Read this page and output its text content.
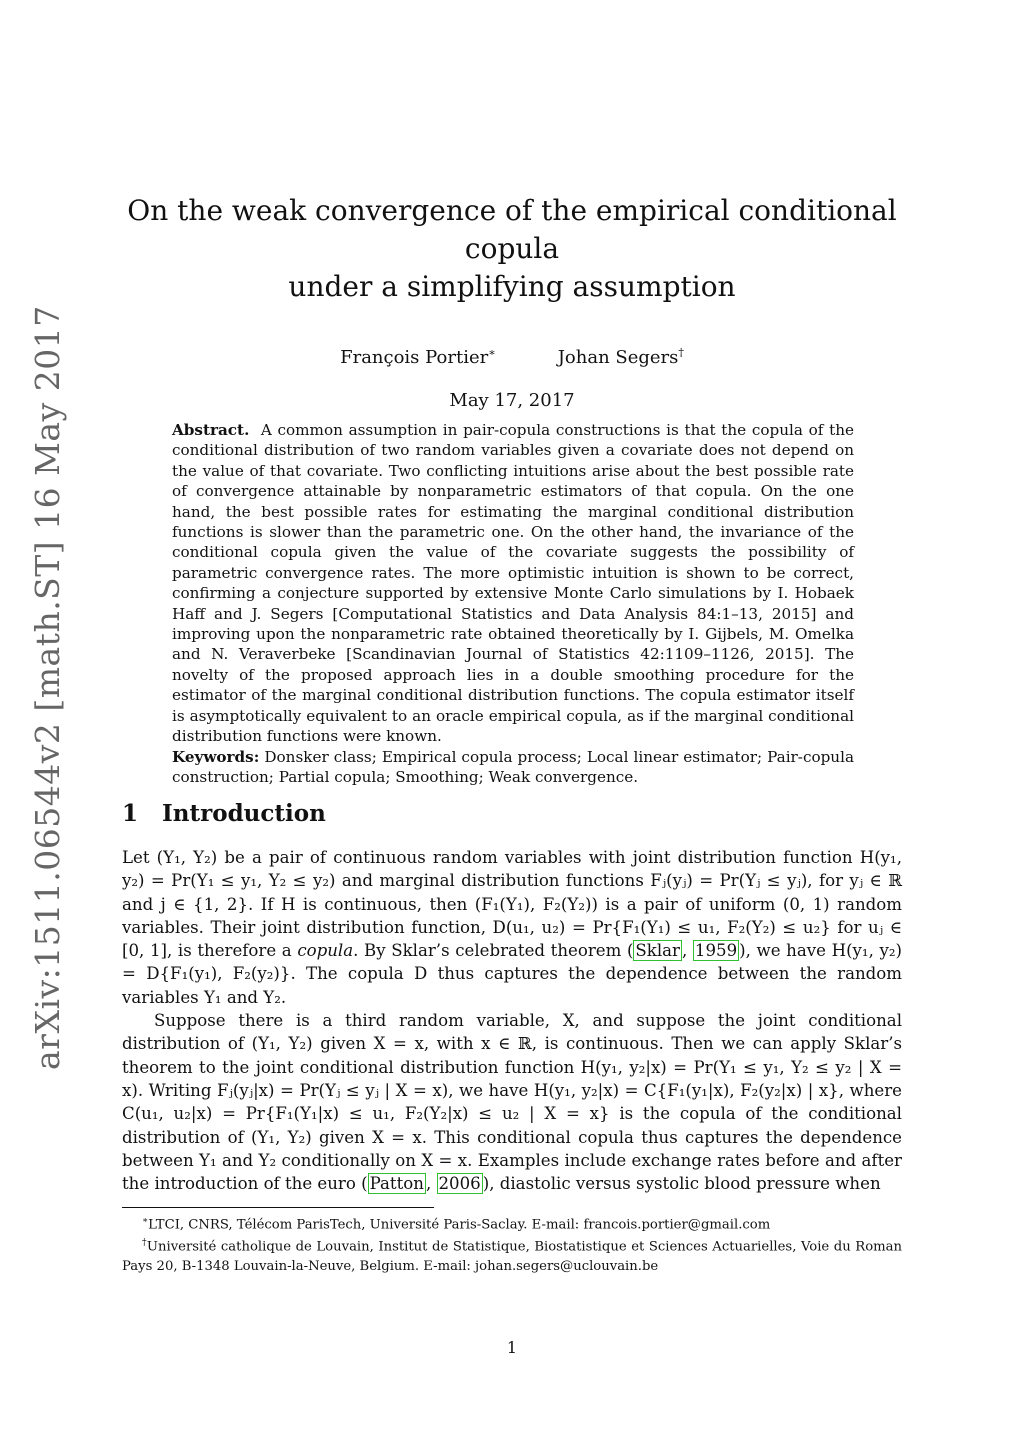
arXiv:1511.06544v2 [math.ST] 16 May 2017
On the weak convergence of the empirical conditional copula
under a simplifying assumption
François Portier∗	Johan Segers†
May 17, 2017

Abstract. A common assumption in pair-copula constructions is that the copula of the conditional distribution of two random variables given a covariate does not depend on the value of that covariate. Two conflicting intuitions arise about the best possible rate of convergence attainable by nonparametric estimators of that copula. On the one hand, the best possible rates for estimating the marginal conditional distribution functions is slower than the parametric one. On the other hand, the invariance of the conditional copula given the value of the covariate suggests the possibility of parametric convergence rates. The more optimistic intuition is shown to be correct, confirming a conjecture supported by extensive Monte Carlo simulations by I. Hobaek Haff and J. Segers [Computational Statistics and Data Analysis 84:1–13, 2015] and improving upon the nonparametric rate obtained theoretically by I. Gijbels, M. Omelka and N. Veraverbeke [Scandinavian Journal of Statistics 42:1109–1126, 2015]. The novelty of the proposed approach lies in a double smoothing procedure for the estimator of the marginal conditional distribution functions. The copula estimator itself is asymptotically equivalent to an oracle empirical copula, as if the marginal conditional distribution functions were known.

Keywords: Donsker class; Empirical copula process; Local linear estimator; Pair-copula construction; Partial copula; Smoothing; Weak convergence.

1 Introduction

Let (Y₁, Y₂) be a pair of continuous random variables with joint distribution function H(y₁, y₂) = Pr(Y₁ ≤ y₁, Y₂ ≤ y₂) and marginal distribution functions Fⱼ(yⱼ) = Pr(Yⱼ ≤ yⱼ), for yⱼ ∈ ℝ and j ∈ {1, 2}. If H is continuous, then (F₁(Y₁), F₂(Y₂)) is a pair of uniform (0, 1) random variables. Their joint distribution function, D(u₁, u₂) = Pr{F₁(Y₁) ≤ u₁, F₂(Y₂) ≤ u₂} for uⱼ ∈ [0, 1], is therefore a copula. By Sklar’s celebrated theorem ( Sklar , 1959 ), we have H(y₁, y₂) = D{F₁(y₁), F₂(y₂)}. The copula D thus captures the dependence between the random variables Y₁ and Y₂.

Suppose there is a third random variable, X, and suppose the joint conditional distribution of (Y₁, Y₂) given X = x, with x ∈ ℝ, is continuous. Then we can apply Sklar’s theorem to the joint conditional distribution function H(y₁, y₂|x) = Pr(Y₁ ≤ y₁, Y₂ ≤ y₂ | X = x). Writing Fⱼ(yⱼ|x) = Pr(Yⱼ ≤ yⱼ | X = x), we have H(y₁, y₂|x) = C{F₁(y₁|x), F₂(y₂|x) | x}, where C(u₁, u₂|x) = Pr{F₁(Y₁|x) ≤ u₁, F₂(Y₂|x) ≤ u₂ | X = x} is the copula of the conditional distribution of (Y₁, Y₂) given X = x. This conditional copula thus captures the dependence between Y₁ and Y₂ conditionally on X = x. Examples include exchange rates before and after the introduction of the euro ( Patton , 2006 ), diastolic versus systolic blood pressure when

∗LTCI, CNRS, Télécom ParisTech, Université Paris-Saclay. E-mail: francois.portier@gmail.com

†Université catholique de Louvain, Institut de Statistique, Biostatistique et Sciences Actuarielles, Voie du Roman Pays 20, B-1348 Louvain-la-Neuve, Belgium. E-mail: johan.segers@uclouvain.be

1
